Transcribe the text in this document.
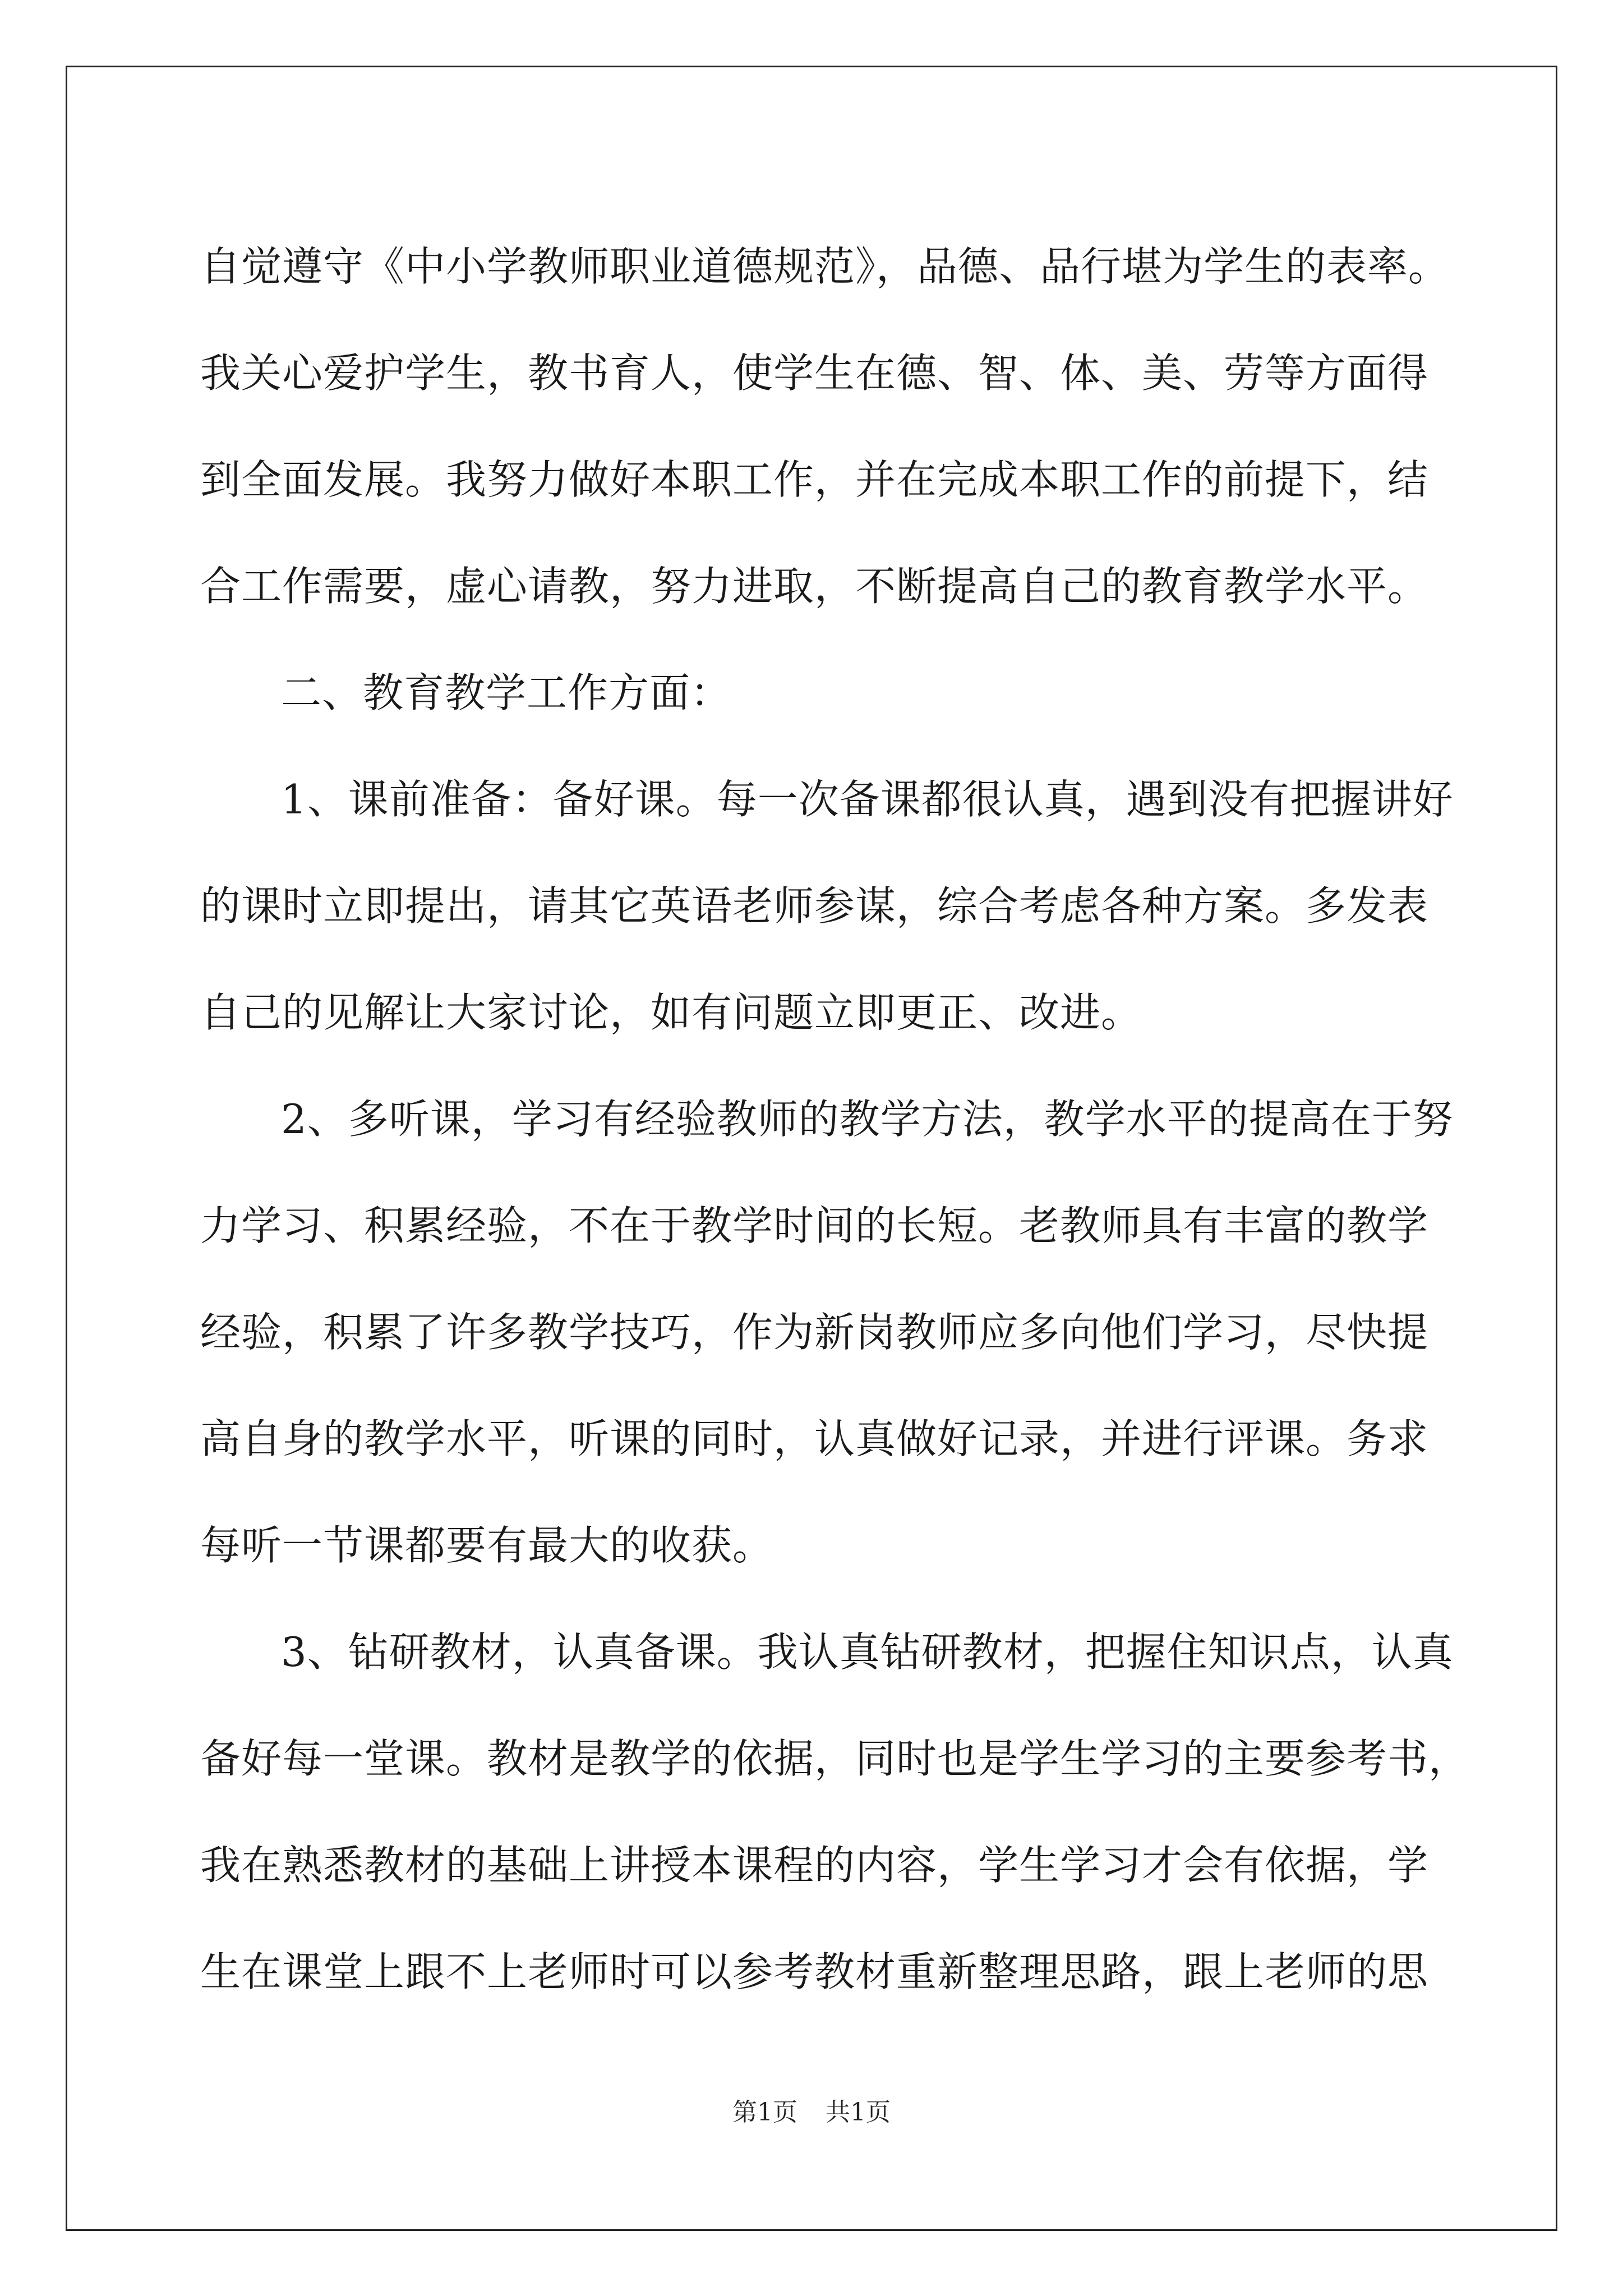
自觉遵守《中小学教师职业道德规范》，品德、品行堪为学生的表率。
我关心爱护学生，教书育人，使学生在德、智、体、美、劳等方面得
到全面发展。我努力做好本职工作，并在完成本职工作的前提下，结
合工作需要，虚心请教，努力进取，不断提高自己的教育教学水平。
二、教育教学工作方面：
1、课前准备：备好课。每一次备课都很认真，遇到没有把握讲好
的课时立即提出，请其它英语老师参谋，综合考虑各种方案。多发表
自己的见解让大家讨论，如有问题立即更正、改进。
2、多听课，学习有经验教师的教学方法，教学水平的提高在于努
力学习、积累经验，不在于教学时间的长短。老教师具有丰富的教学
经验，积累了许多教学技巧，作为新岗教师应多向他们学习，尽快提
高自身的教学水平，听课的同时，认真做好记录，并进行评课。务求
每听一节课都要有最大的收获。
3、钻研教材，认真备课。我认真钻研教材，把握住知识点，认真
备好每一堂课。教材是教学的依据，同时也是学生学习的主要参考书，
我在熟悉教材的基础上讲授本课程的内容，学生学习才会有依据，学
生在课堂上跟不上老师时可以参考教材重新整理思路，跟上老师的思
第1页 共1页
